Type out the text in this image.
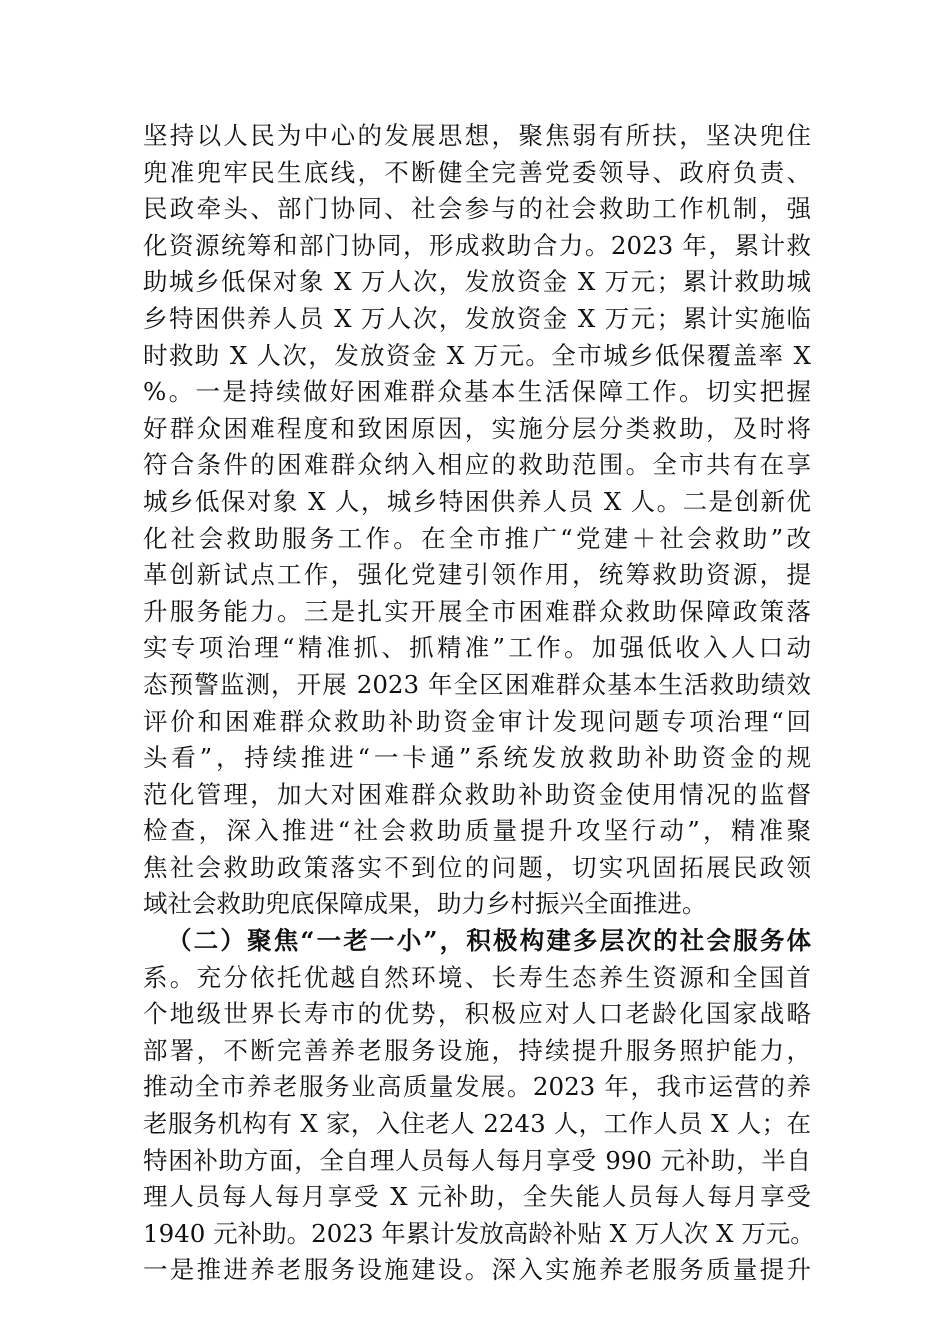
坚持以人民为中心的发展思想，聚焦弱有所扶，坚决兜住
兜准兜牢民生底线，不断健全完善党委领导、政府负责、
民政牵头、部门协同、社会参与的社会救助工作机制，强
化资源统筹和部门协同，形成救助合力。2023 年，累计救
助城乡低保对象 X 万人次，发放资金 X 万元；累计救助城
乡特困供养人员 X 万人次，发放资金 X 万元；累计实施临
时救助 X 人次，发放资金 X 万元。全市城乡低保覆盖率 X
%。一是持续做好困难群众基本生活保障工作。切实把握
好群众困难程度和致困原因，实施分层分类救助，及时将
符合条件的困难群众纳入相应的救助范围。全市共有在享
城乡低保对象 X 人，城乡特困供养人员 X 人。二是创新优
化社会救助服务工作。在全市推广“党建＋社会救助”改
革创新试点工作，强化党建引领作用，统筹救助资源，提
升服务能力。三是扎实开展全市困难群众救助保障政策落
实专项治理“精准抓、抓精准”工作。加强低收入人口动
态预警监测，开展 2023 年全区困难群众基本生活救助绩效
评价和困难群众救助补助资金审计发现问题专项治理“回
头看”，持续推进“一卡通”系统发放救助补助资金的规
范化管理，加大对困难群众救助补助资金使用情况的监督
检查，深入推进“社会救助质量提升攻坚行动”，精准聚
焦社会救助政策落实不到位的问题，切实巩固拓展民政领
域社会救助兜底保障成果，助力乡村振兴全面推进。
（二）聚焦“一老一小”，积极构建多层次的社会服务体
系。充分依托优越自然环境、长寿生态养生资源和全国首
个地级世界长寿市的优势，积极应对人口老龄化国家战略
部署，不断完善养老服务设施，持续提升服务照护能力，
推动全市养老服务业高质量发展。2023 年，我市运营的养
老服务机构有 X 家，入住老人 2243 人，工作人员 X 人；在
特困补助方面，全自理人员每人每月享受 990 元补助，半自
理人员每人每月享受 X 元补助，全失能人员每人每月享受
1940 元补助。2023 年累计发放高龄补贴 X 万人次 X 万元。
一是推进养老服务设施建设。深入实施养老服务质量提升
